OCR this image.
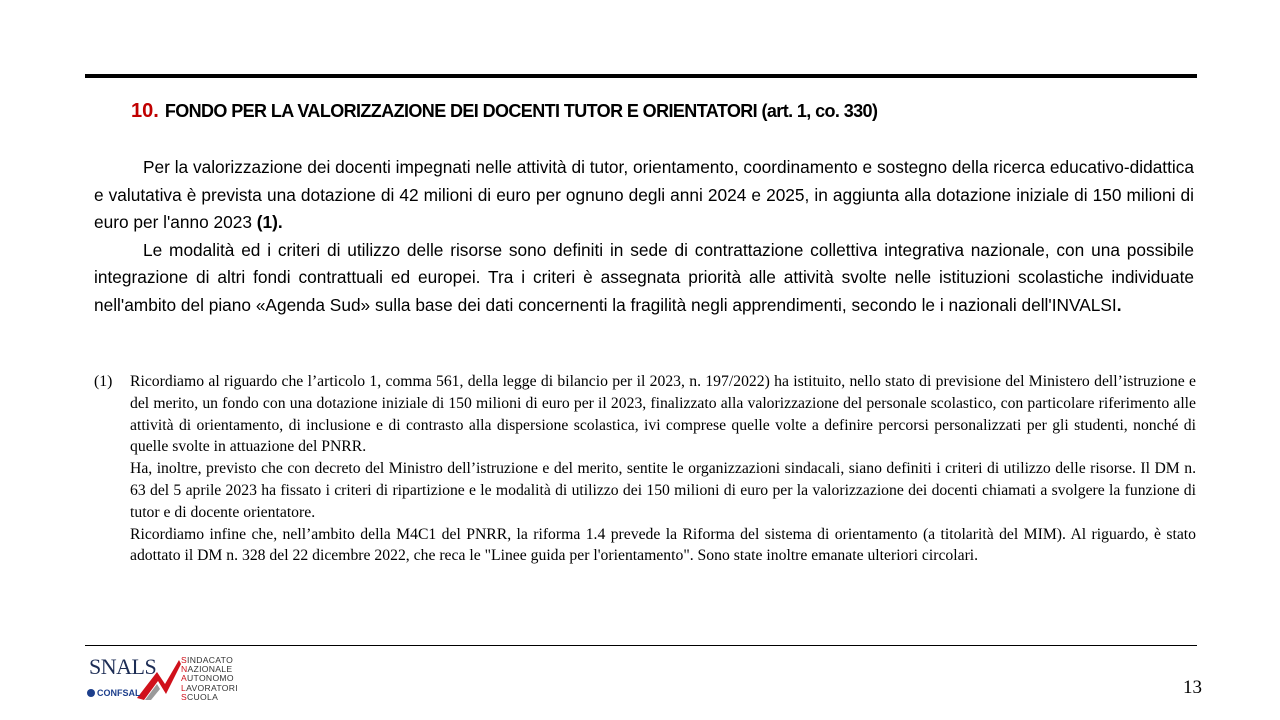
10. FONDO PER LA VALORIZZAZIONE DEI DOCENTI TUTOR E ORIENTATORI (art. 1, co. 330)

Per la valorizzazione dei docenti impegnati nelle attività di tutor, orientamento, coordinamento e sostegno della ricerca educativo-didattica e valutativa è prevista una dotazione di 42 milioni di euro per ognuno degli anni 2024 e 2025, in aggiunta alla dotazione iniziale di 150 milioni di euro per l'anno 2023 (1).

Le modalità ed i criteri di utilizzo delle risorse sono definiti in sede di contrattazione collettiva integrativa nazionale, con una possibile integrazione di altri fondi contrattuali ed europei. Tra i criteri è assegnata priorità alle attività svolte nelle istituzioni scolastiche individuate nell'ambito del piano «Agenda Sud» sulla base dei dati concernenti la fragilità negli apprendimenti, secondo le i nazionali dell'INVALSI.

(1) Ricordiamo al riguardo che l’articolo 1, comma 561, della legge di bilancio per il 2023, n. 197/2022) ha istituito, nello stato di previsione del Ministero dell’istruzione e del merito, un fondo con una dotazione iniziale di 150 milioni di euro per il 2023, finalizzato alla valorizzazione del personale scolastico, con particolare riferimento alle attività di orientamento, di inclusione e di contrasto alla dispersione scolastica, ivi comprese quelle volte a definire percorsi personalizzati per gli studenti, nonché di quelle svolte in attuazione del PNRR.

Ha, inoltre, previsto che con decreto del Ministro dell’istruzione e del merito, sentite le organizzazioni sindacali, siano definiti i criteri di utilizzo delle risorse. Il DM n. 63 del 5 aprile 2023 ha fissato i criteri di ripartizione e le modalità di utilizzo dei 150 milioni di euro per la valorizzazione dei docenti chiamati a svolgere la funzione di tutor e di docente orientatore.

Ricordiamo infine che, nell’ambito della M4C1 del PNRR, la riforma 1.4 prevede la Riforma del sistema di orientamento (a titolarità del MIM). Al riguardo, è stato adottato il DM n. 328 del 22 dicembre 2022, che reca le "Linee guida per l'orientamento". Sono state inoltre emanate ulteriori circolari.

SNALS
CONFSAL
SINDACATO
NAZIONALE
AUTONOMO
LAVORATORI
SCUOLA	13
